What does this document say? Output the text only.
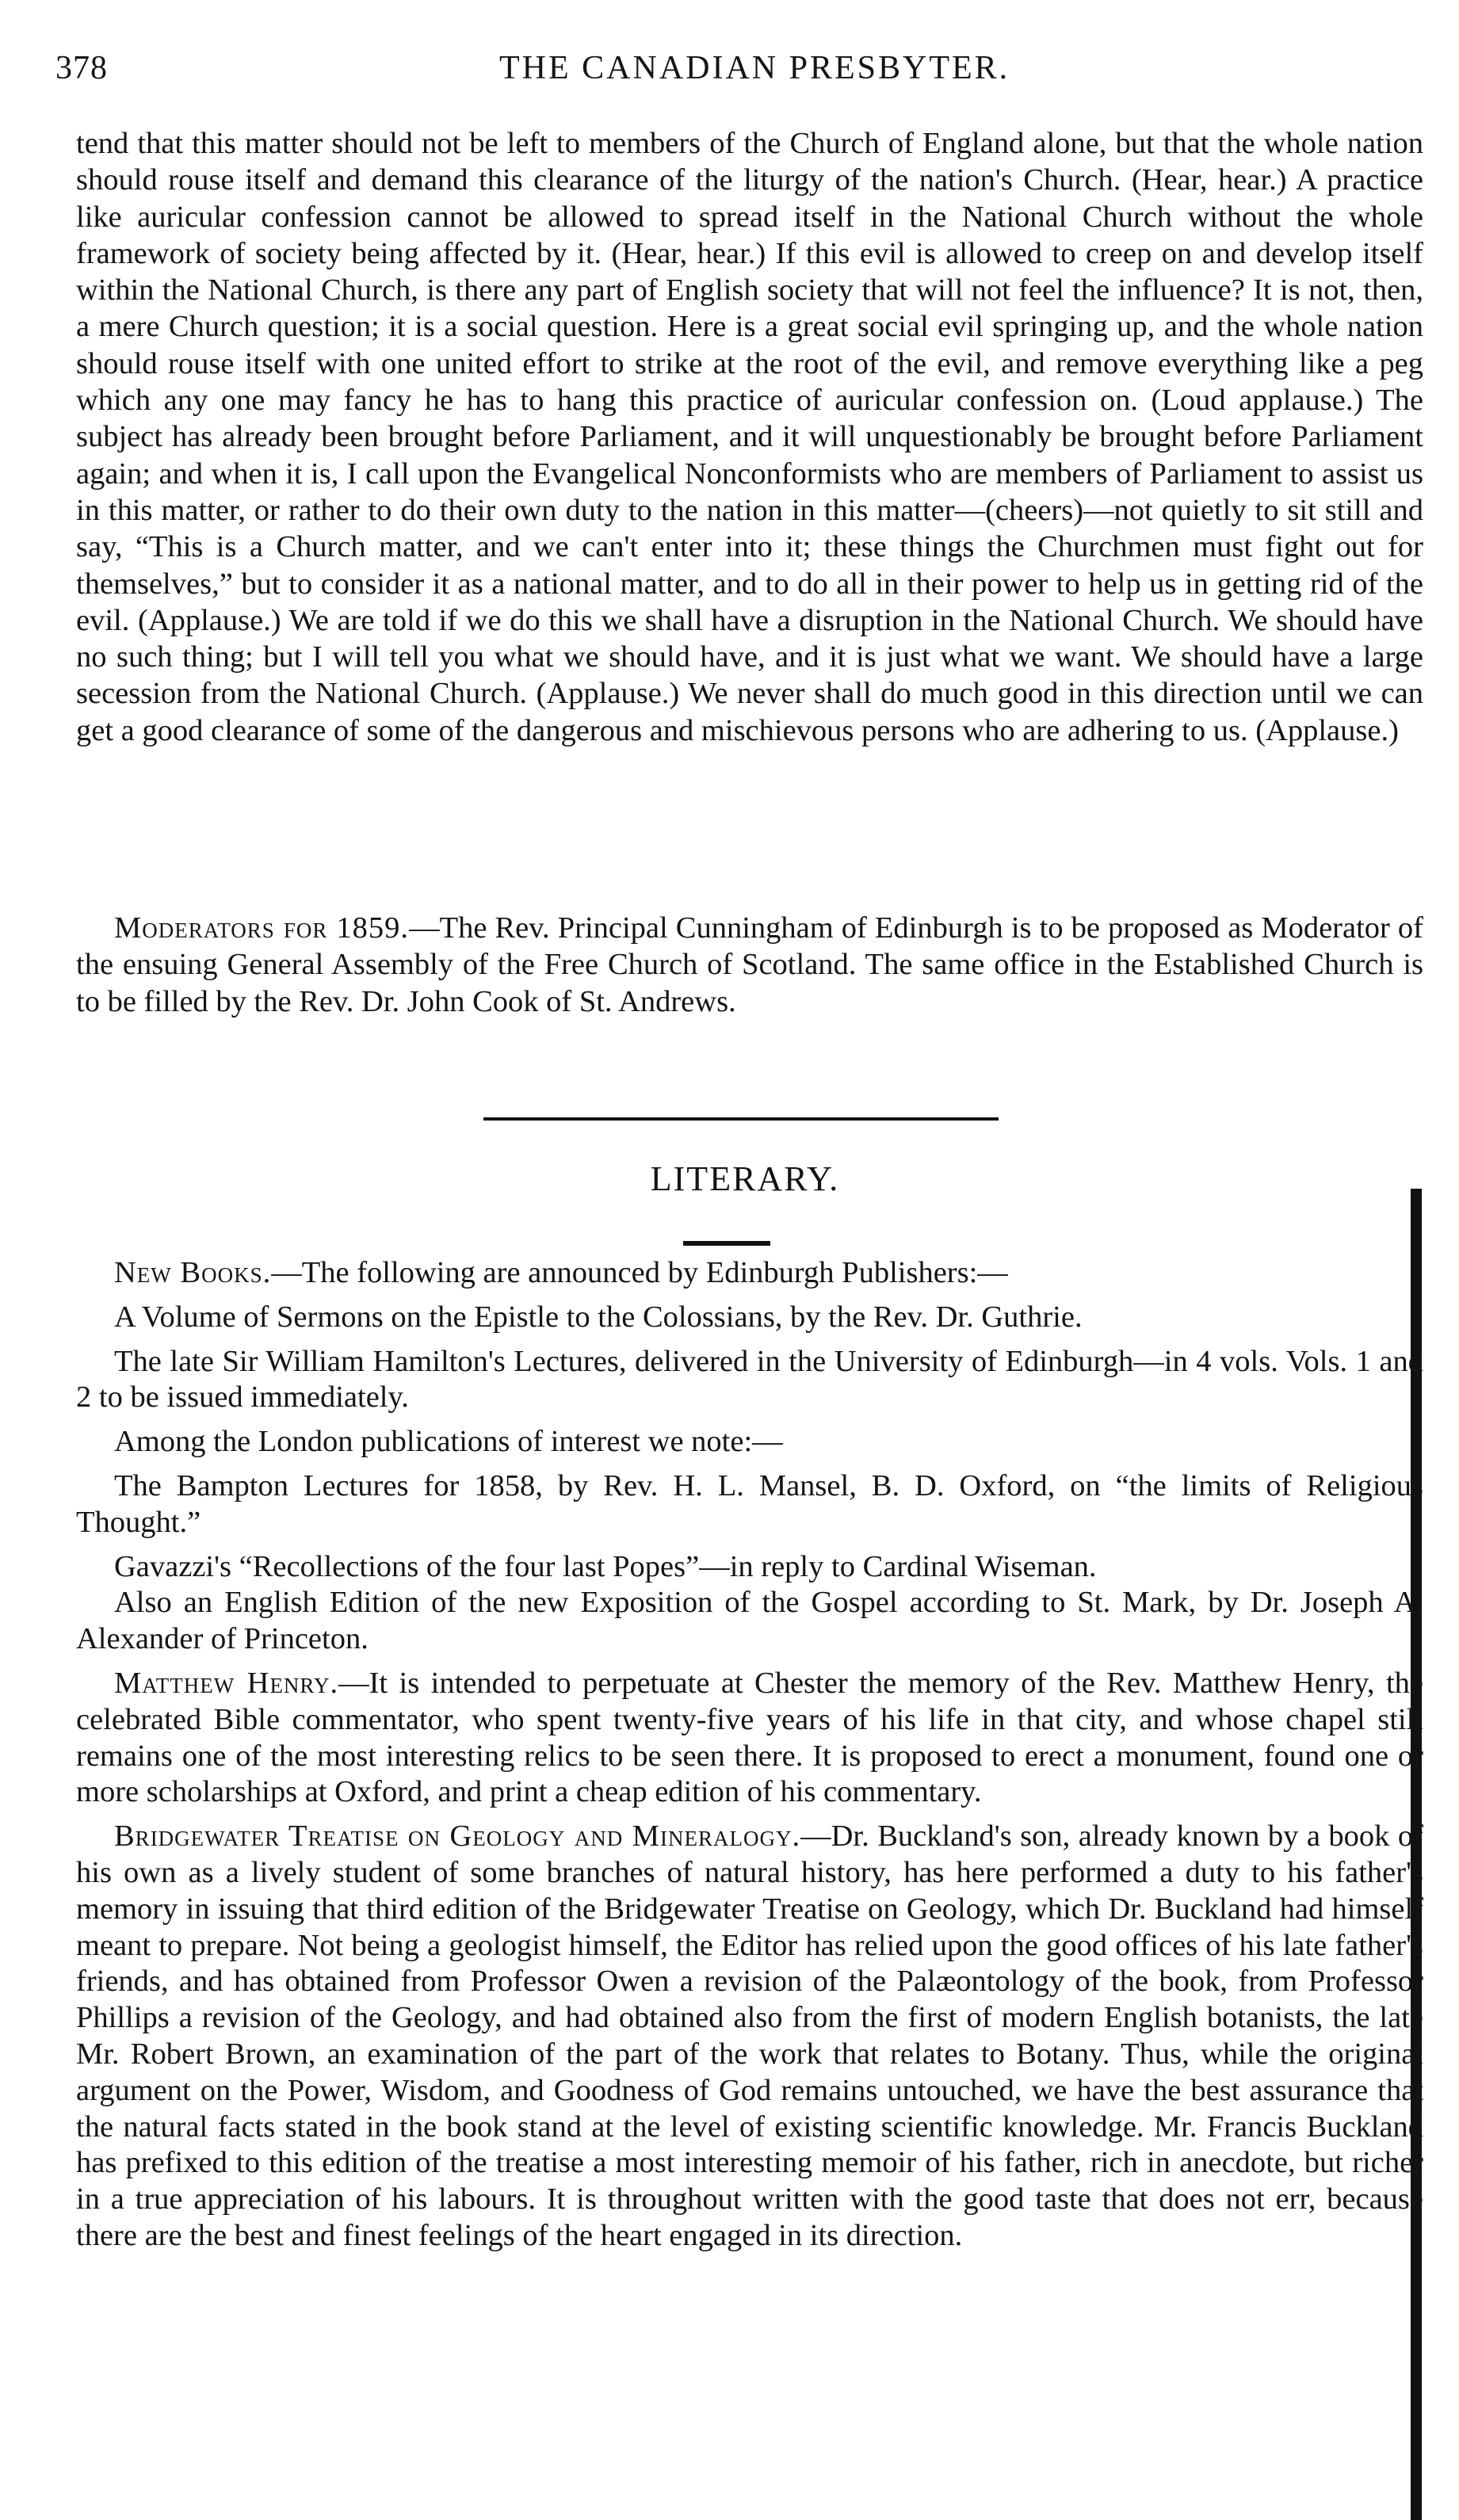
378	THE CANADIAN PRESBYTER.

tend that this matter should not be left to members of the Church of England alone, but that the whole nation should rouse itself and demand this clearance of the liturgy of the nation's Church. (Hear, hear.) A practice like auricular confession cannot be allowed to spread itself in the National Church without the whole framework of society being affected by it. (Hear, hear.) If this evil is allowed to creep on and develop itself within the National Church, is there any part of English society that will not feel the influence? It is not, then, a mere Church question; it is a social question. Here is a great social evil springing up, and the whole nation should rouse itself with one united effort to strike at the root of the evil, and remove everything like a peg which any one may fancy he has to hang this practice of auricular confession on. (Loud applause.) The subject has already been brought before Parliament, and it will unquestionably be brought before Parliament again; and when it is, I call upon the Evangelical Nonconformists who are members of Parliament to assist us in this matter, or rather to do their own duty to the nation in this matter—(cheers)—not quietly to sit still and say, “This is a Church matter, and we can't enter into it; these things the Churchmen must fight out for themselves,” but to consider it as a national matter, and to do all in their power to help us in getting rid of the evil. (Applause.) We are told if we do this we shall have a disruption in the National Church. We should have no such thing; but I will tell you what we should have, and it is just what we want. We should have a large secession from the National Church. (Applause.) We never shall do much good in this direction until we can get a good clearance of some of the dangerous and mischievous persons who are adhering to us. (Applause.)

Moderators for 1859.—The Rev. Principal Cunningham of Edinburgh is to be proposed as Moderator of the ensuing General Assembly of the Free Church of Scotland. The same office in the Established Church is to be filled by the Rev. Dr. John Cook of St. Andrews.

LITERARY.

New Books.—The following are announced by Edinburgh Publishers:—

A Volume of Sermons on the Epistle to the Colossians, by the Rev. Dr. Guthrie.

The late Sir William Hamilton's Lectures, delivered in the University of Edinburgh—in 4 vols. Vols. 1 and 2 to be issued immediately.

Among the London publications of interest we note:—

The Bampton Lectures for 1858, by Rev. H. L. Mansel, B. D. Oxford, on “the limits of Religious Thought.”

Gavazzi's “Recollections of the four last Popes”—in reply to Cardinal Wiseman.

Also an English Edition of the new Exposition of the Gospel according to St. Mark, by Dr. Joseph A. Alexander of Princeton.

Matthew Henry.—It is intended to perpetuate at Chester the memory of the Rev. Matthew Henry, the celebrated Bible commentator, who spent twenty-five years of his life in that city, and whose chapel still remains one of the most interesting relics to be seen there. It is proposed to erect a monument, found one or more scholarships at Oxford, and print a cheap edition of his commentary.

Bridgewater Treatise on Geology and Mineralogy.—Dr. Buckland's son, already known by a book of his own as a lively student of some branches of natural history, has here performed a duty to his father's memory in issuing that third edition of the Bridgewater Treatise on Geology, which Dr. Buckland had himself meant to prepare. Not being a geologist himself, the Editor has relied upon the good offices of his late father's friends, and has obtained from Professor Owen a revision of the Palæontology of the book, from Professor Phillips a revision of the Geology, and had obtained also from the first of modern English botanists, the late Mr. Robert Brown, an examination of the part of the work that relates to Botany. Thus, while the original argument on the Power, Wisdom, and Goodness of God remains untouched, we have the best assurance that the natural facts stated in the book stand at the level of existing scientific knowledge. Mr. Francis Buckland has prefixed to this edition of the treatise a most interesting memoir of his father, rich in anecdote, but richer in a true appreciation of his labours. It is throughout written with the good taste that does not err, because there are the best and finest feelings of the heart engaged in its direction.
